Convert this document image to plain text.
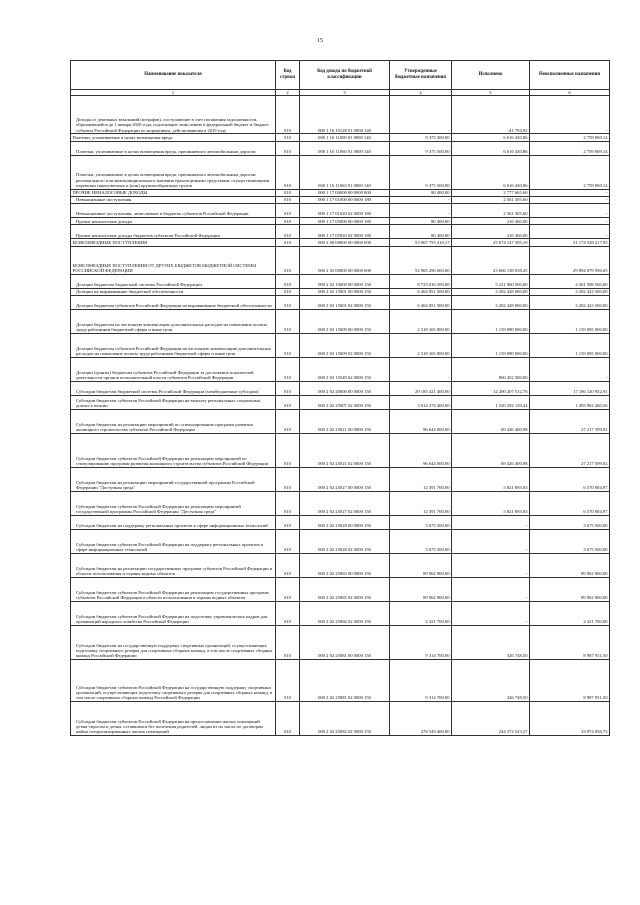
15
Наименование показателя	Код строки	Код дохода по бюджетной классификации	Утвержденные бюджетные назначения	Исполнено	Неисполненные назначения
1	2	3	4	5	6
Доходы от денежных взысканий (штрафов), поступающие в счет погашения задолженности, образовавшейся до 1 января 2020 года, подлежащие зачислению в федеральный бюджет и бюджет субъекта Российской Федерации по нормативам, действовавшим в 2019 году	010	000 1 16 10128 01 0000 140	-	-41 794,92	-
Платежи, уплачиваемые в целях возмещения вреда	010	000 1 16 11000 01 0000 140	9 375 500,00	6 616 430,86	2 759 069,14
Платежи, уплачиваемые в целях возмещения вреда, причиняемого автомобильным дорогам	010	000 1 16 11060 01 0000 140	9 375 500,00	6 616 430,86	2 759 069,14
Платежи, уплачиваемые в целях возмещения вреда, причиняемого автомобильным дорогам регионального или межмуниципального значения транспортными средствами, осуществляющими перевозки тяжеловесных и (или) крупногабаритных грузов	010	000 1 16 11063 01 0000 140	9 375 500,00	6 616 430,86	2 759 069,14
ПРОЧИЕ НЕНАЛОГОВЫЕ ДОХОДЫ	010	000 1 17 00000 00 0000 000	80 400,00	2 777 665,60	-
Невыясненные поступления	010	000 1 17 01000 00 0000 180	-	2 561 305,60	-
Невыясненные поступления, зачисляемые в бюджеты субъектов Российской Федерации	010	000 1 17 01020 02 0000 180	-	2 561 305,60	-
Прочие неналоговые доходы	010	000 1 17 05000 00 0000 180	80 400,00	216 360,00	-
Прочие неналоговые доходы бюджетов субъектов Российской Федерации	010	000 1 17 05020 02 0000 180	80 400,00	216 360,00	-
БЕЗВОЗМЕЗДНЫЕ ПОСТУПЛЕНИЯ	010	000 2 00 00000 00 0000 000	53 967 755 410,17	25 674 147 395,10	31 174 528 217,95
БЕЗВОЗМЕЗДНЫЕ ПОСТУПЛЕНИЯ ОТ ДРУГИХ БЮДЖЕТОВ БЮДЖЕТНОЙ СИСТЕМЫ РОССИЙСКОЙ ФЕДЕРАЦИИ	010	000 2 02 00000 00 0000 000	52 965 296 600,00	23 606 138 038,45	29 894 079 596,65
Дотации бюджетам бюджетной системы Российской Федерации	010	000 2 02 10000 00 0000 150	8 723 016 500,00	5 221 960 500,00	4 361 508 500,00
Дотации на выравнивание бюджетной обеспеченности	010	000 2 02 15001 00 0000 150	6 404 851 500,00	3 202 428 000,00	3 202 423 500,00
Дотации бюджетам субъектов Российской Федерации на выравнивание бюджетной обеспеченности	010	000 2 02 15001 02 0000 150	6 404 851 500,00	3 202 428 000,00	3 202 423 500,00
Дотации бюджетам на частичную компенсацию дополнительных расходов на повышение оплаты труда работников бюджетной сферы и иные цели	010	000 2 02 15009 00 0000 150	2 318 165 000,00	1 159 080 000,00	1 159 085 000,00
Дотации бюджетам субъектов Российской Федерации на частичную компенсацию дополнительных расходов на повышение оплаты труда работников бюджетной сферы и иные цели	010	000 2 02 15009 02 0000 150	2 318 165 000,00	1 159 080 000,00	1 159 085 000,00
Дотации (гранты) бюджетам субъектов Российской Федерации за достижение показателей деятельности органов исполнительной власти субъектов Российской Федерации	010	000 2 02 15549 02 0000 150	-	860 452 500,00	-
Субсидии бюджетам бюджетной системы Российской Федерации (межбюджетные субсидии)	010	000 2 02 20000 00 0000 150	29 185 421 400,00	12 200 207 512,76	17 186 120 952,91
Субсидии бюджетам субъектов Российской Федерации на выплату региональных социальных доплат к пенсии	010	000 2 02 25007 02 0000 150	3 014 274 400,00	1 520 292 139,44	1 493 962 260,56
Субсидии бюджетам на реализацию мероприятий по стимулированию программ развития жилищного строительства субъектов Российской Федерации	010	000 2 02 25021 00 0000 150	96 644 000,00	69 426 400,98	27 217 599,02
Субсидии бюджетам субъектов Российской Федерации на реализацию мероприятий по стимулированию программ развития жилищного строительства субъектов Российской Федерации	010	000 2 02 25021 02 0000 150	96 644 000,00	69 426 400,98	27 217 599,02
Субсидии бюджетам на реализацию мероприятий государственной программы Российской Федерации "Доступная среда"	010	000 2 02 25027 00 0000 150	12 391 700,00	5 821 695,03	6 570 004,97
Субсидии бюджетам субъектов Российской Федерации на реализацию мероприятий государственной программы Российской Федерации "Доступная среда"	010	000 2 02 25027 02 0000 150	12 391 700,00	5 821 695,03	6 570 004,97
Субсидии бюджетам на поддержку региональных проектов в сфере информационных технологий	010	000 2 02 25028 00 0000 150	3 675 500,00	-	3 675 500,00
Субсидии бюджетам субъектов Российской Федерации на поддержку региональных проектов в сфере информационных технологий	010	000 2 02 25028 02 0000 150	3 675 500,00	-	3 675 500,00
Субсидии бюджетам на реализацию государственных программ субъектов Российской Федерации в области использования и охраны водных объектов	010	000 2 02 25065 00 0000 150	89 962 900,00	-	89 962 900,00
Субсидии бюджетам субъектов Российской Федерации на реализацию государственных программ субъектов Российской Федерации в области использования и охраны водных объектов	010	000 2 02 25065 02 0000 150	89 962 900,00	-	89 962 900,00
Субсидии бюджетам субъектов Российской Федерации на подготовку управленческих кадров для организаций народного хозяйства Российской Федерации	010	000 2 02 25066 02 0000 150	2 321 700,00	-	2 321 700,00
Субсидии бюджетам на государственную поддержку спортивных организаций, осуществляющих подготовку спортивного резерва для спортивных сборных команд, в том числе спортивных сборных команд Российской Федерации	010	000 2 02 25081 00 0000 150	9 314 700,00	326 748,50	8 987 951,50
Субсидии бюджетам субъектов Российской Федерации на государственную поддержку спортивных организаций, осуществляющих подготовку спортивного резерва для спортивных сборных команд, в том числе спортивных сборных команд Российской Федерации	010	000 2 02 25081 02 0000 150	9 314 700,00	326 748,50	8 987 951,50
Субсидии бюджетам субъектов Российской Федерации на предоставление жилых помещений детям-сиротам и детям, оставшимся без попечения родителей, лицам из их числа по договорам найма специализированных жилых помещений	010	000 2 02 25082 02 0000 150	278 549 400,00	244 574 543,27	33 974 856,73
